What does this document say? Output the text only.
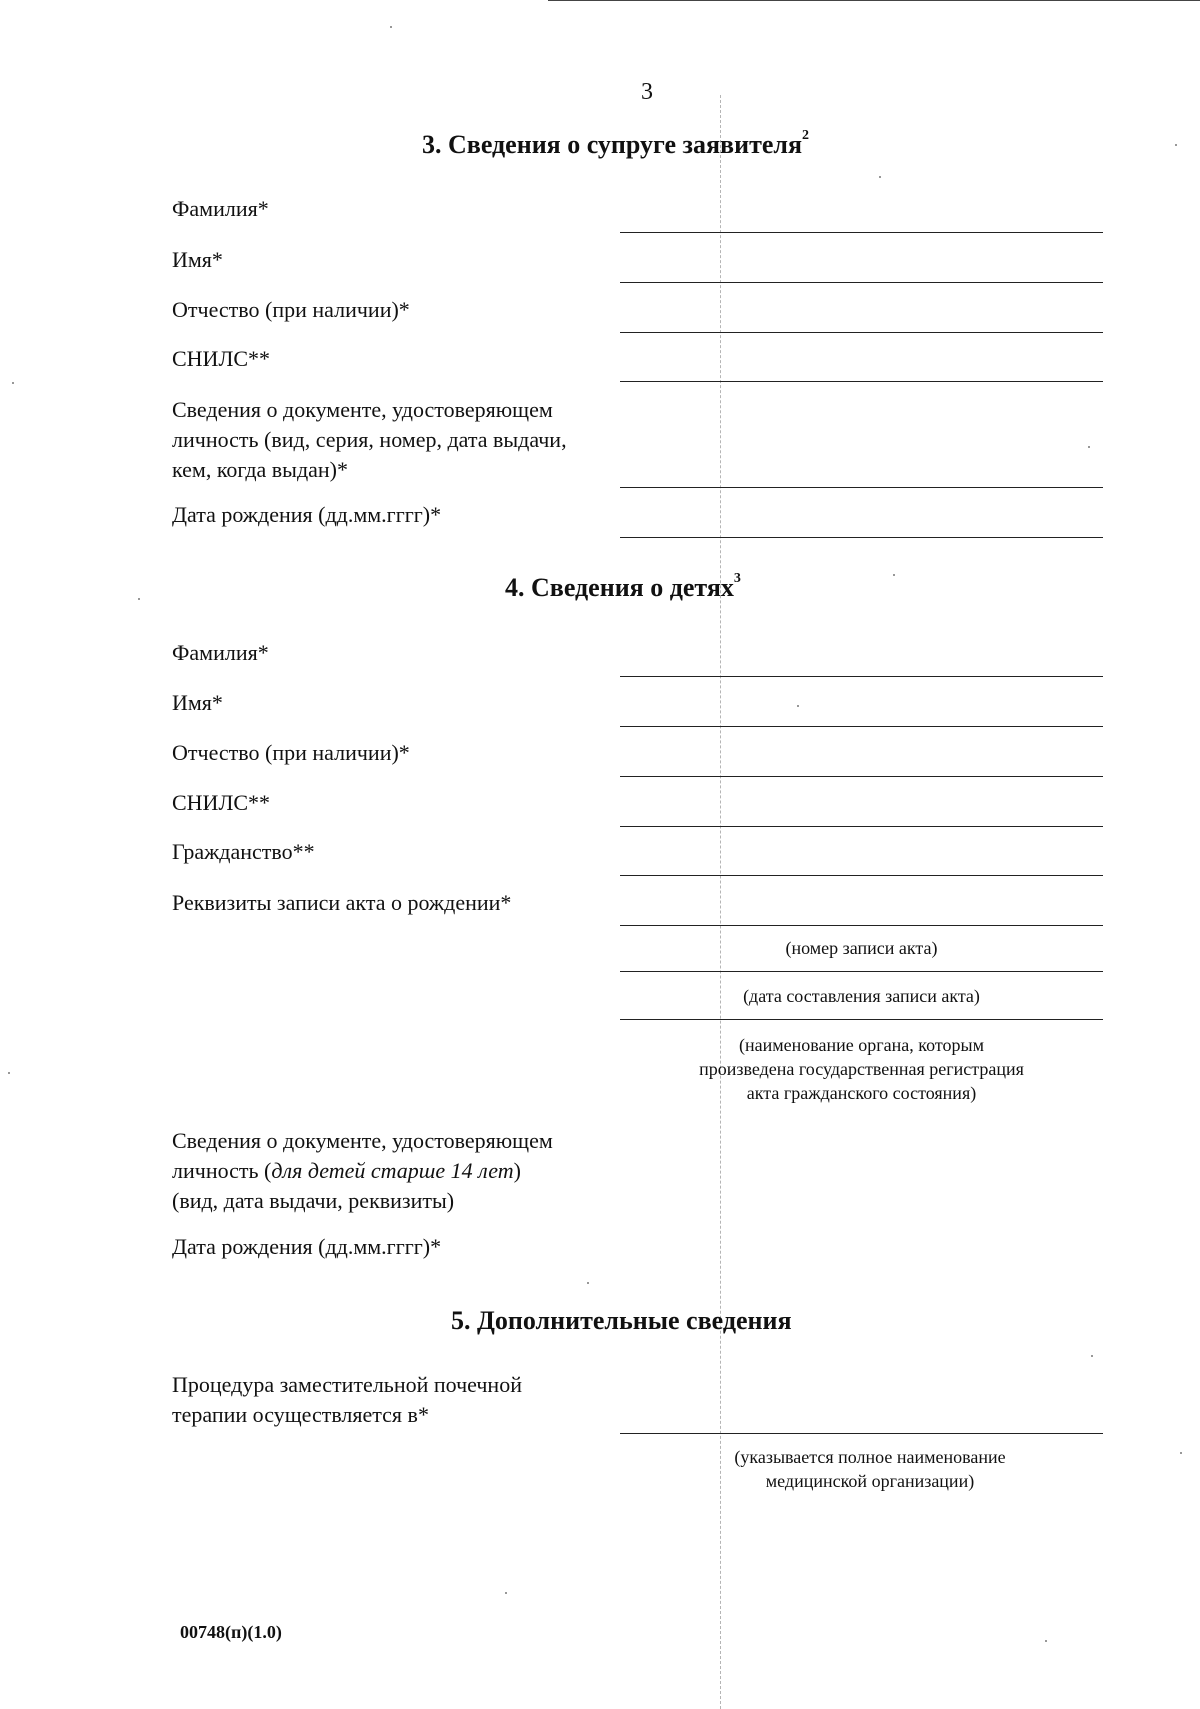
3
3. Сведения о супруге заявителя$^2$
Фамилия*
Имя*
Отчество (при наличии)*
СНИЛС**
Сведения о документе, удостоверяющем
личность (вид, серия, номер, дата выдачи,
кем, когда выдан)*
Дата рождения (дд.мм.гггг)*
4. Сведения о детях$^3$
Фамилия*
Имя*
Отчество (при наличии)*
СНИЛС**
Гражданство**
Реквизиты записи акта о рождении*
(номер записи акта)
(дата составления записи акта)
(наименование органа, которым
произведена государственная регистрация
акта гражданского состояния)
Сведения о документе, удостоверяющем
личность (для детей старше 14 лет)
(вид, дата выдачи, реквизиты)
Дата рождения (дд.мм.гггг)*
5. Дополнительные сведения
Процедура заместительной почечной
терапии осуществляется в*
(указывается полное наименование
медицинской организации)
00748(п)(1.0)
